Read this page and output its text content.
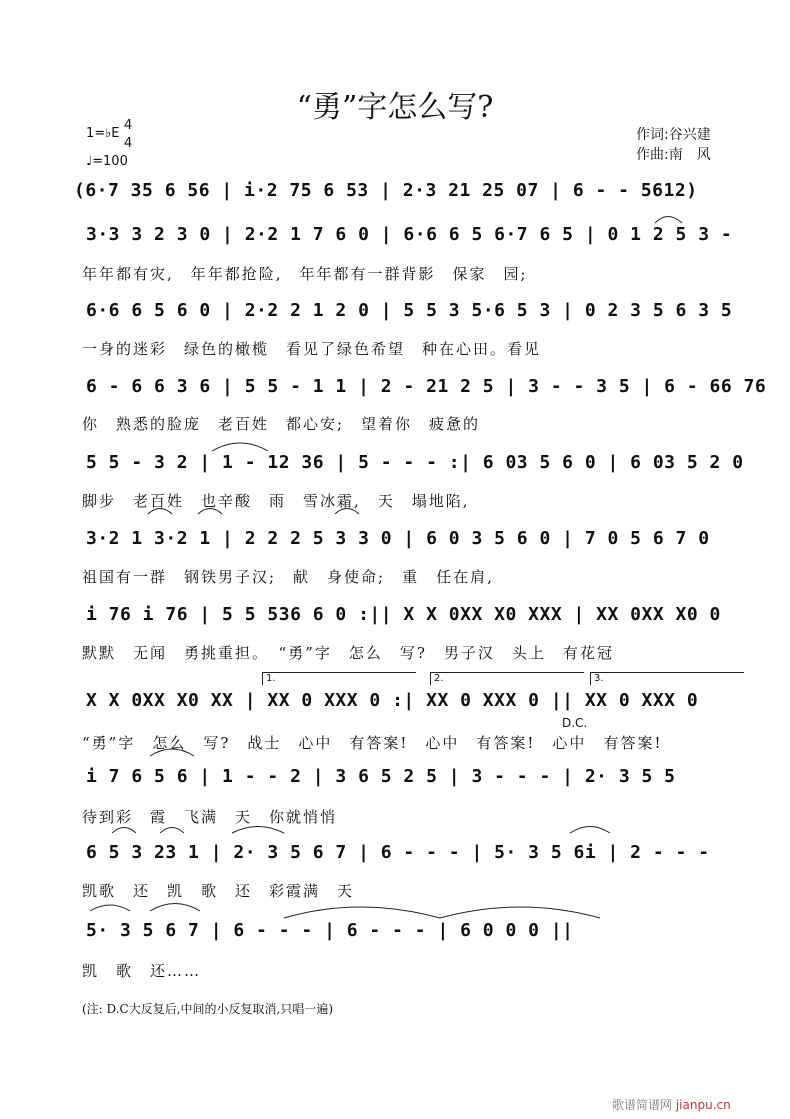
“勇”字怎么写?
1=♭E
4
4
♩=100
作词:谷兴建
作曲:南　风
(6·7 35 6 56 | i·2 75 6 53 | 2·3 21 25 07 | 6 - - 5612)
3·3 3 2 3 0 | 2·2 1 7 6 0 | 6·6 6 5 6·7 6 5 | 0 1 2 5 3 -
年年都有灾,　年年都抢险,　年年都有一群背影　保家　园;
6·6 6 5 6 0 | 2·2 2 1 2 0 | 5 5 3 5·6 5 3 | 0 2 3 5 6 3 5
一身的迷彩　绿色的橄榄　看见了绿色希望　种在心田。看见
6 - 6 6 3 6 | 5 5 - 1 1 | 2 - 21 2 5 | 3 - - 3 5 | 6 - 66 76
你　熟悉的脸庞　老百姓　都心安;　望着你　疲惫的
5 5 - 3 2 | 1 - 12 36 | 5 - - - :| 6 03 5 6 0 | 6 03 5 2 0
脚步　老百姓　也辛酸　雨　雪冰霜,　天　塌地陷,
3·2 1 3·2 1 | 2 2 2 5 3 3 0 | 6 0 3 5 6 0 | 7 0 5 6 7 0
祖国有一群　钢铁男子汉;　献　身使命;　重　任在肩,
i 76 i 76 | 5 5 536 6 0 :|| X X 0XX X0 XXX | XX 0XX X0 0
默默　无闻　勇挑重担。　“勇”字　怎么　写?　男子汉　头上　有花冠
1.	2.	3.
X X 0XX X0 XX | XX 0 XXX 0 :| XX 0 XXX 0 || XX 0 XXX 0
D.C.
“勇”字　怎么　写?　战士　心中　有答案!　心中　有答案!　心中　有答案!
i 7 6 5 6 | 1 - - 2 | 3 6 5 2 5 | 3 - - - | 2· 3 5 5
待到彩　霞　飞满　天　你就悄悄
6 5 3 23 1 | 2· 3 5 6 7 | 6 - - - | 5· 3 5 6i | 2 - - -
凯歌　还　凯　歌　还　彩霞满　天
5· 3 5 6 7 | 6 - - - | 6 - - - | 6 0 0 0 ||
凯　歌　还……
(注: D.C大反复后,中间的小反复取消,只唱一遍)
歌谱简谱网 jianpu.cn
